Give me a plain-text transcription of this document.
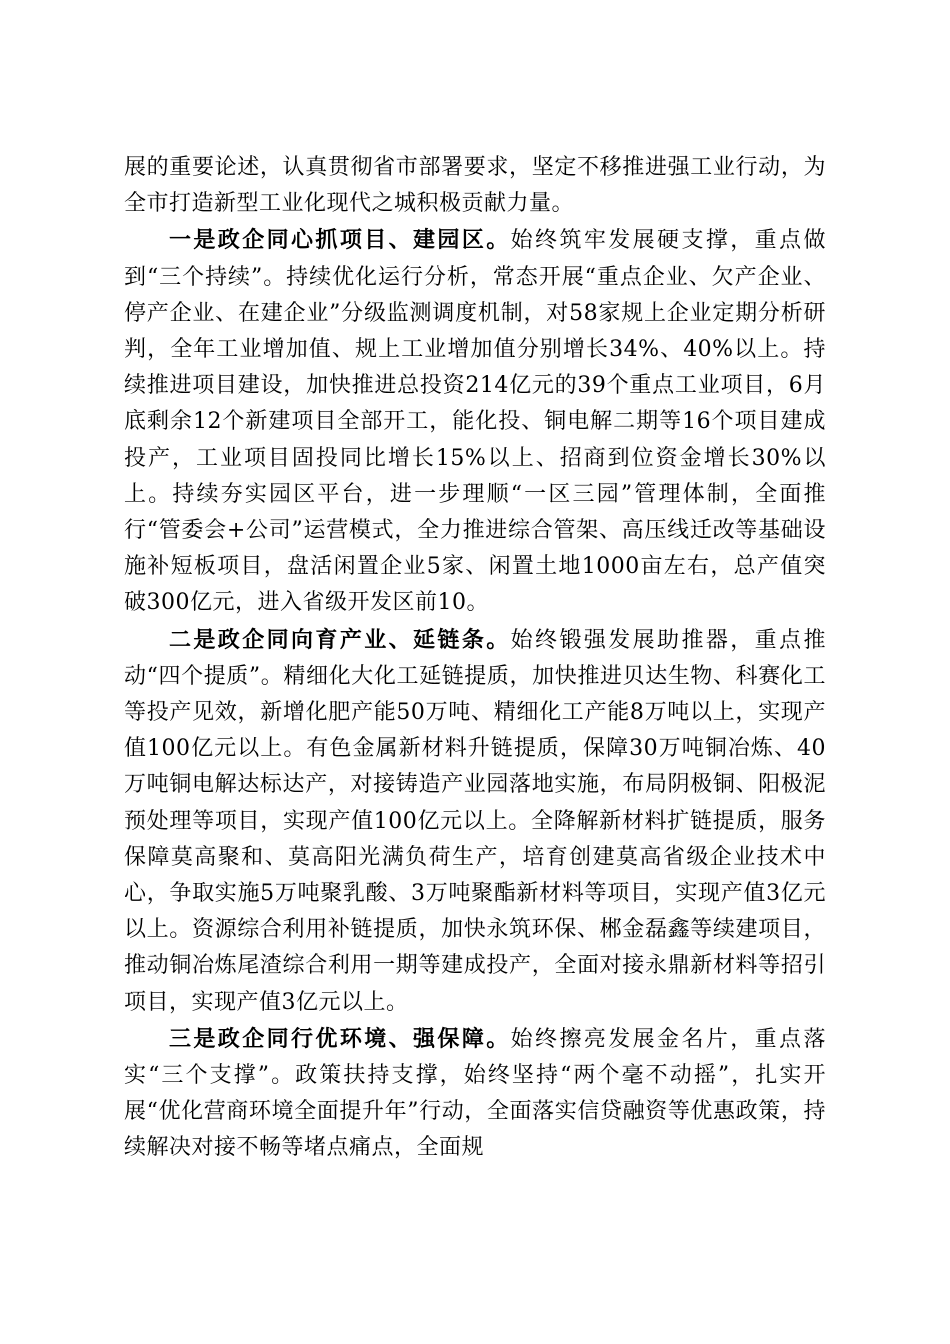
展的重要论述，认真贯彻省市部署要求，坚定不移推进强工业行动，为全市打造新型工业化现代之城积极贡献力量。

一是政企同心抓项目、建园区。始终筑牢发展硬支撑，重点做到“三个持续”。持续优化运行分析，常态开展“重点企业、欠产企业、停产企业、在建企业”分级监测调度机制，对58家规上企业定期分析研判，全年工业增加值、规上工业增加值分别增长34%、40%以上。持续推进项目建设，加快推进总投资214亿元的39个重点工业项目，6月底剩余12个新建项目全部开工，能化投、铜电解二期等16个项目建成投产，工业项目固投同比增长15%以上、招商到位资金增长30%以上。持续夯实园区平台，进一步理顺“一区三园”管理体制，全面推行“管委会+公司”运营模式，全力推进综合管架、高压线迁改等基础设施补短板项目，盘活闲置企业5家、闲置土地1000亩左右，总产值突破300亿元，进入省级开发区前10。

二是政企同向育产业、延链条。始终锻强发展助推器，重点推动“四个提质”。精细化大化工延链提质，加快推进贝达生物、科赛化工等投产见效，新增化肥产能50万吨、精细化工产能8万吨以上，实现产值100亿元以上。有色金属新材料升链提质，保障30万吨铜冶炼、40万吨铜电解达标达产，对接铸造产业园落地实施，布局阴极铜、阳极泥预处理等项目，实现产值100亿元以上。全降解新材料扩链提质，服务保障莫高聚和、莫高阳光满负荷生产，培育创建莫高省级企业技术中心，争取实施5万吨聚乳酸、3万吨聚酯新材料等项目，实现产值3亿元以上。资源综合利用补链提质，加快永筑环保、郴金磊鑫等续建项目，推动铜冶炼尾渣综合利用一期等建成投产，全面对接永鼎新材料等招引项目，实现产值3亿元以上。

三是政企同行优环境、强保障。始终擦亮发展金名片，重点落实“三个支撑”。政策扶持支撑，始终坚持“两个毫不动摇”，扎实开展“优化营商环境全面提升年”行动，全面落实信贷融资等优惠政策，持续解决对接不畅等堵点痛点，全面规
